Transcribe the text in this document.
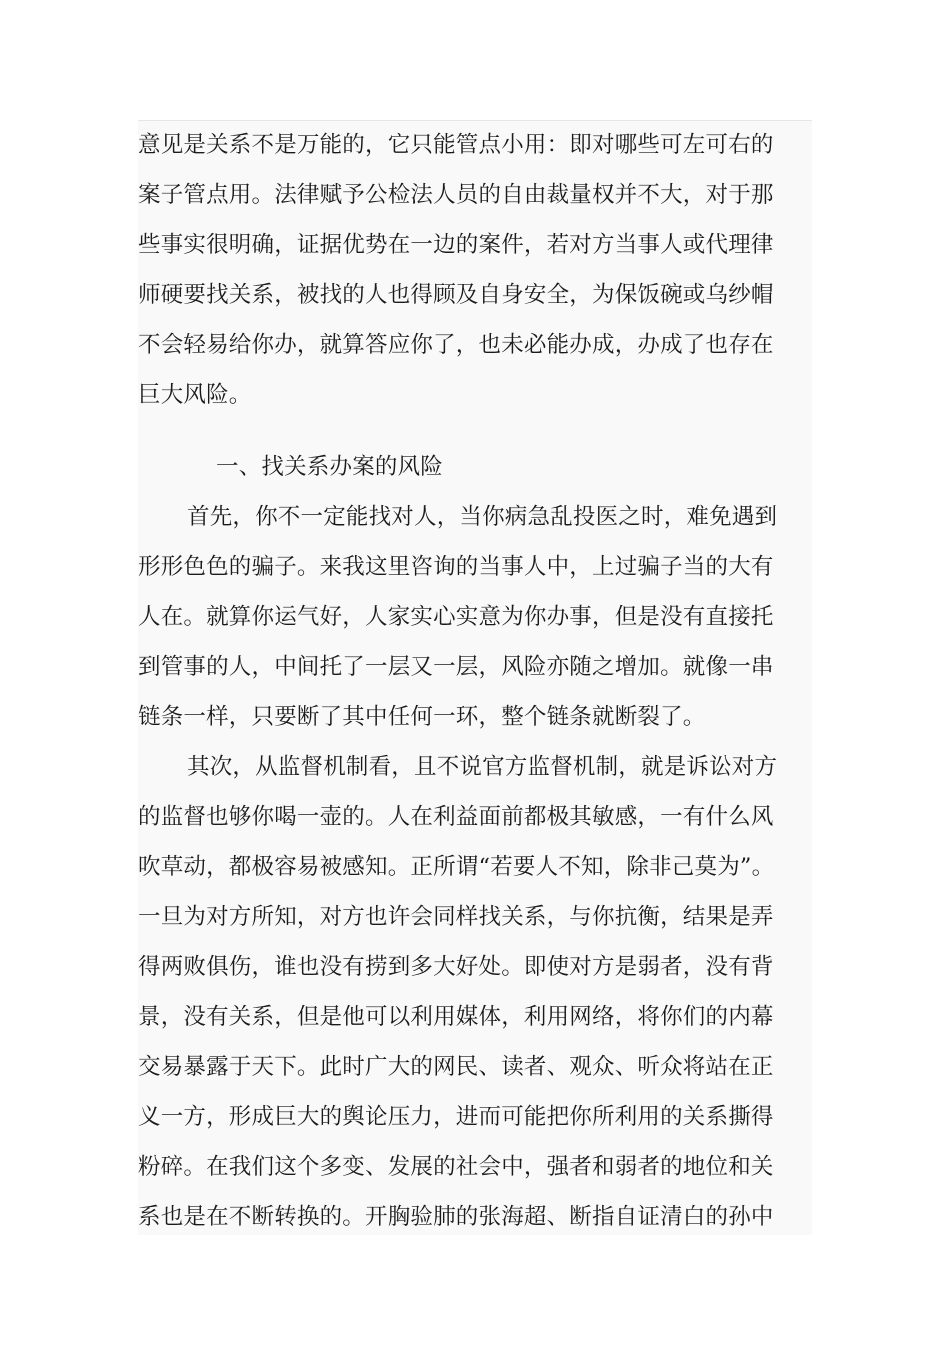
意见是关系不是万能的，它只能管点小用：即对哪些可左可右的
案子管点用。法律赋予公检法人员的自由裁量权并不大，对于那
些事实很明确，证据优势在一边的案件，若对方当事人或代理律
师硬要找关系，被找的人也得顾及自身安全，为保饭碗或乌纱帽
不会轻易给你办，就算答应你了，也未必能办成，办成了也存在
巨大风险。
一、找关系办案的风险
首先，你不一定能找对人，当你病急乱投医之时，难免遇到
形形色色的骗子。来我这里咨询的当事人中，上过骗子当的大有
人在。就算你运气好，人家实心实意为你办事，但是没有直接托
到管事的人，中间托了一层又一层，风险亦随之增加。就像一串
链条一样，只要断了其中任何一环，整个链条就断裂了。
其次，从监督机制看，且不说官方监督机制，就是诉讼对方
的监督也够你喝一壶的。人在利益面前都极其敏感，一有什么风
吹草动，都极容易被感知。正所谓“若要人不知，除非己莫为”。
一旦为对方所知，对方也许会同样找关系，与你抗衡，结果是弄
得两败俱伤，谁也没有捞到多大好处。即使对方是弱者，没有背
景，没有关系，但是他可以利用媒体，利用网络，将你们的内幕
交易暴露于天下。此时广大的网民、读者、观众、听众将站在正
义一方，形成巨大的舆论压力，进而可能把你所利用的关系撕得
粉碎。在我们这个多变、发展的社会中，强者和弱者的地位和关
系也是在不断转换的。开胸验肺的张海超、断指自证清白的孙中
